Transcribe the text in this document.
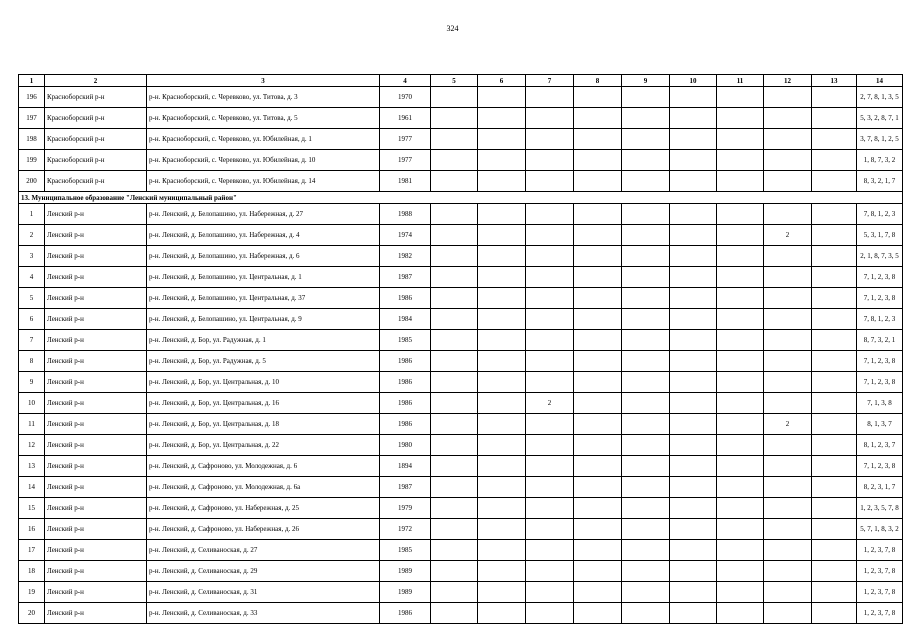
324
1	2	3	4	5	6	7	8	9	10	11	12	13	14
196	Красноборский р-н	р-н. Красноборский, с. Черевково, ул. Титова, д. 3	1970										2, 7, 8, 1, 3, 5
197	Красноборский р-н	р-н. Красноборский, с. Черевково, ул. Титова, д. 5	1961										5, 3, 2, 8, 7, 1
198	Красноборский р-н	р-н. Красноборский, с. Черевково, ул. Юбилейная, д. 1	1977										3, 7, 8, 1, 2, 5
199	Красноборский р-н	р-н. Красноборский, с. Черевково, ул. Юбилейная, д. 10	1977										1, 8, 7, 3, 2
200	Красноборский р-н	р-н. Красноборский, с. Черевково, ул. Юбилейная, д. 14	1981										8, 3, 2, 1, 7
13. Муниципальное образование "Ленский муниципальный район"													
1	Ленский р-н	р-н. Ленский, д. Белопашино, ул. Набережная, д. 27	1988										7, 8, 1, 2, 3
2	Ленский р-н	р-н. Ленский, д. Белопашино, ул. Набережная, д. 4	1974								2		5, 3, 1, 7, 8
3	Ленский р-н	р-н. Ленский, д. Белопашино, ул. Набережная, д. 6	1982										2, 1, 8, 7, 3, 5
4	Ленский р-н	р-н. Ленский, д. Белопашино, ул. Центральная, д. 1	1987										7, 1, 2, 3, 8
5	Ленский р-н	р-н. Ленский, д. Белопашино, ул. Центральная, д. 37	1986										7, 1, 2, 3, 8
6	Ленский р-н	р-н. Ленский, д. Белопашино, ул. Центральная, д. 9	1984										7, 8, 1, 2, 3
7	Ленский р-н	р-н. Ленский, д. Бор, ул. Радужная, д. 1	1985										8, 7, 3, 2, 1
8	Ленский р-н	р-н. Ленский, д. Бор, ул. Радужная, д. 5	1986										7, 1, 2, 3, 8
9	Ленский р-н	р-н. Ленский, д. Бор, ул. Центральная, д. 10	1986										7, 1, 2, 3, 8
10	Ленский р-н	р-н. Ленский, д. Бор, ул. Центральная, д. 16	1986			2							7, 1, 3, 8
11	Ленский р-н	р-н. Ленский, д. Бор, ул. Центральная, д. 18	1986								2		8, 1, 3, 7
12	Ленский р-н	р-н. Ленский, д. Бор, ул. Центральная, д. 22	1980										8, 1, 2, 3, 7
13	Ленский р-н	р-н. Ленский, д. Сафроново, ул. Молодежная, д. 6	1894										7, 1, 2, 3, 8
14	Ленский р-н	р-н. Ленский, д. Сафроново, ул. Молодежная, д. 6а	1987										8, 2, 3, 1, 7
15	Ленский р-н	р-н. Ленский, д. Сафроново, ул. Набережная, д. 25	1979										1, 2, 3, 5, 7, 8
16	Ленский р-н	р-н. Ленский, д. Сафроново, ул. Набережная, д. 26	1972										5, 7, 1, 8, 3, 2
17	Ленский р-н	р-н. Ленский, д. Селиваноская, д. 27	1985										1, 2, 3, 7, 8
18	Ленский р-н	р-н. Ленский, д. Селиваноская, д. 29	1989										1, 2, 3, 7, 8
19	Ленский р-н	р-н. Ленский, д. Селиваноская, д. 31	1989										1, 2, 3, 7, 8
20	Ленский р-н	р-н. Ленский, д. Селиваноская, д. 33	1986										1, 2, 3, 7, 8
